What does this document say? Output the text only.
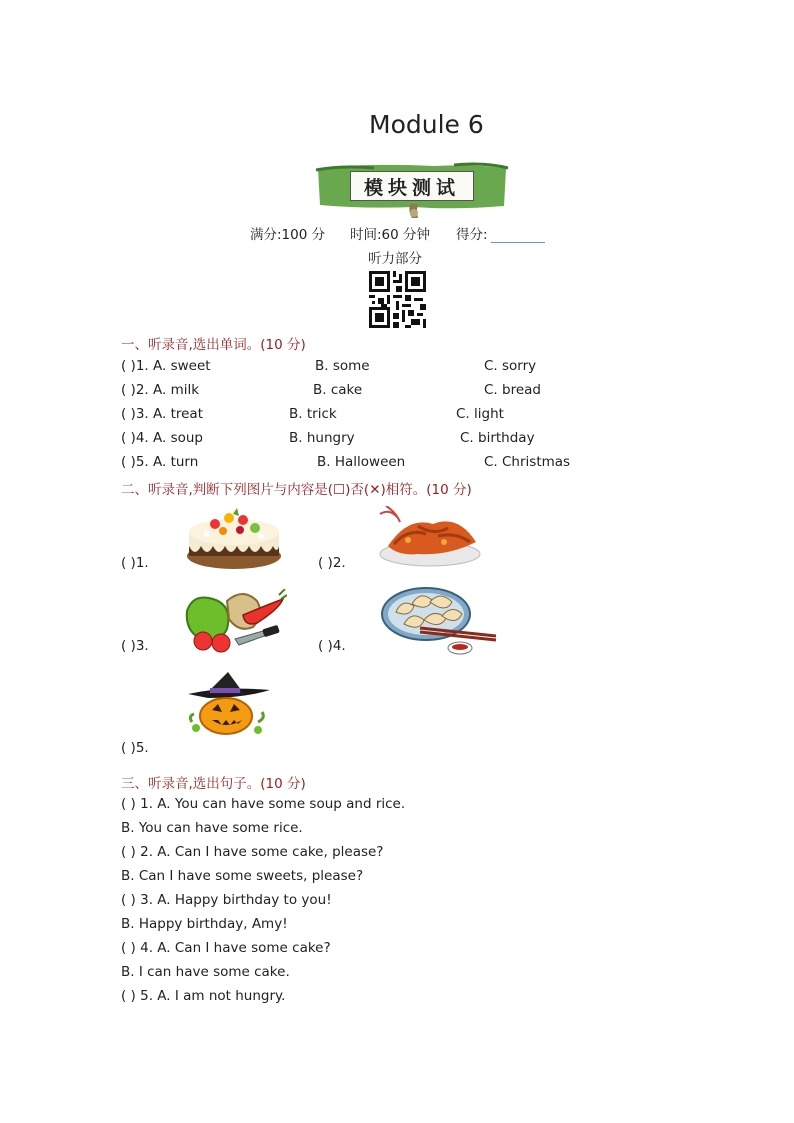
Module 6
模块测试
满分:100 分 时间:60 分钟 得分:
听力部分
一、听录音,选出单词。(10 分)
( )1. A. sweet	B. some	C. sorry
( )2. A. milk	B. cake	C. bread
( )3. A. treat	B. trick	C. light
( )4. A. soup	B. hungry	C. birthday
( )5. A. turn	B. Halloween	C. Christmas
二、听录音,判断下列图片与内容是(☐)否(✕)相符。(10 分)
( )1.	( )2.
( )3.	( )4.
( )5.
三、听录音,选出句子。(10 分)
( ) 1. A. You can have some soup and rice.
B. You can have some rice.
( ) 2. A. Can I have some cake, please?
B. Can I have some sweets, please?
( ) 3. A. Happy birthday to you!
B. Happy birthday, Amy!
( ) 4. A. Can I have some cake?
B. I can have some cake.
( ) 5. A. I am not hungry.
